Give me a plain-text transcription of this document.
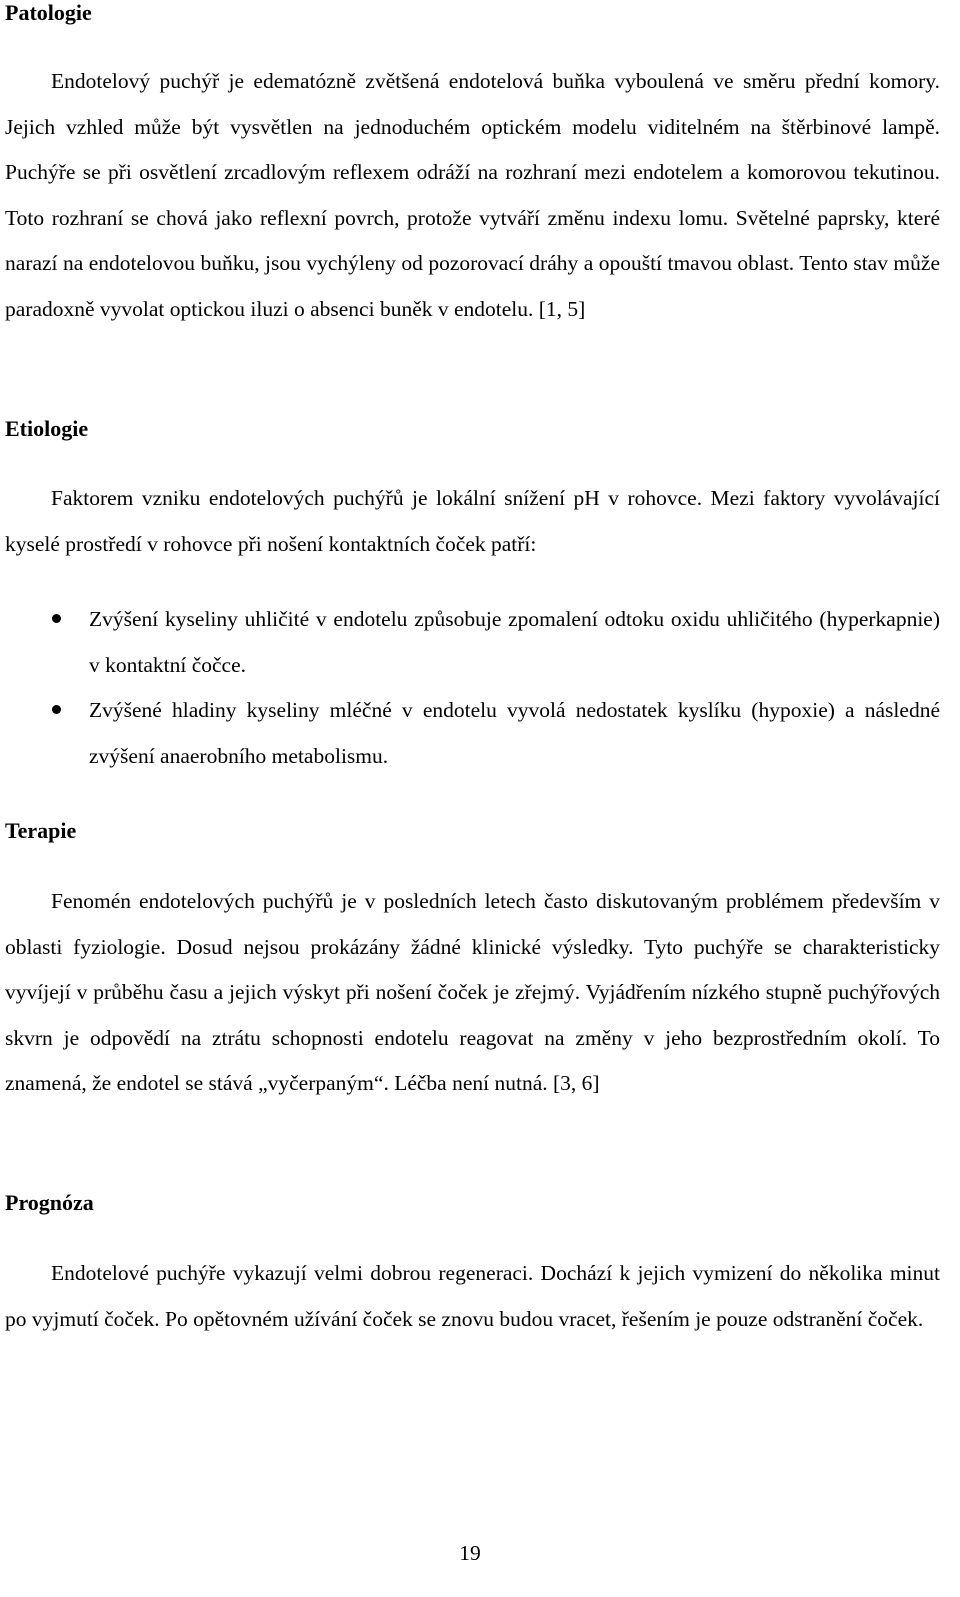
Patologie

Endotelový puchýř je edematózně zvětšená endotelová buňka vyboulená ve směru přední komory. Jejich vzhled může být vysvětlen na jednoduchém optickém modelu viditelném na štěrbinové lampě. Puchýře se při osvětlení zrcadlovým reflexem odráží na rozhraní mezi endotelem a komorovou tekutinou. Toto rozhraní se chová jako reflexní povrch, protože vytváří změnu indexu lomu. Světelné paprsky, které narazí na endotelovou buňku, jsou vychýleny od pozorovací dráhy a opouští tmavou oblast. Tento stav může paradoxně vyvolat optickou iluzi o absenci buněk v endotelu. [1, 5]

Etiologie

Faktorem vzniku endotelových puchýřů je lokální snížení pH v rohovce. Mezi faktory vyvolávající kyselé prostředí v rohovce při nošení kontaktních čoček patří:

Zvýšení kyseliny uhličité v endotelu způsobuje zpomalení odtoku oxidu uhličitého (hyperkapnie) v kontaktní čočce.
Zvýšené hladiny kyseliny mléčné v endotelu vyvolá nedostatek kyslíku (hypoxie) a následné zvýšení anaerobního metabolismu.
Terapie

Fenomén endotelových puchýřů je v posledních letech často diskutovaným problémem především v oblasti fyziologie. Dosud nejsou prokázány žádné klinické výsledky. Tyto puchýře se charakteristicky vyvíjejí v průběhu času a jejich výskyt při nošení čoček je zřejmý. Vyjádřením nízkého stupně puchýřových skvrn je odpovědí na ztrátu schopnosti endotelu reagovat na změny v jeho bezprostředním okolí. To znamená, že endotel se stává „vyčerpaným“. Léčba není nutná. [3, 6]

Prognóza

Endotelové puchýře vykazují velmi dobrou regeneraci. Dochází k jejich vymizení do několika minut po vyjmutí čoček. Po opětovném užívání čoček se znovu budou vracet, řešením je pouze odstranění čoček.

19
